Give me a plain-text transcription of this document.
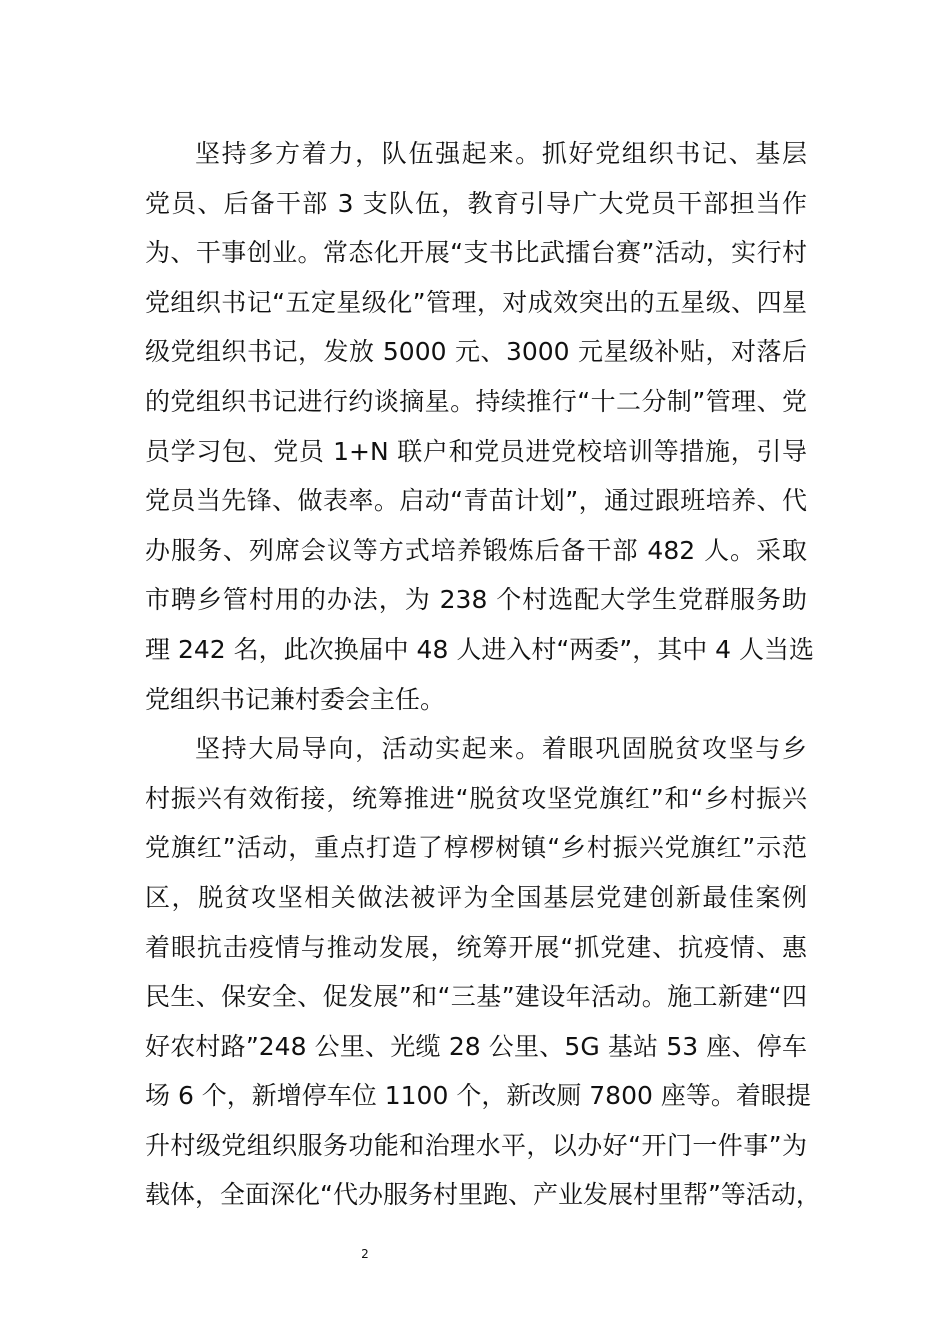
坚持多方着力，队伍强起来。抓好党组织书记、基层
党员、后备干部 3 支队伍，教育引导广大党员干部担当作
为、干事创业。常态化开展“支书比武擂台赛”活动，实行村
党组织书记“五定星级化”管理，对成效突出的五星级、四星
级党组织书记，发放 5000 元、3000 元星级补贴，对落后
的党组织书记进行约谈摘星。持续推行“十二分制”管理、党
员学习包、党员 1+N 联户和党员进党校培训等措施，引导
党员当先锋、做表率。启动“青苗计划”，通过跟班培养、代
办服务、列席会议等方式培养锻炼后备干部 482 人。采取
市聘乡管村用的办法，为 238 个村选配大学生党群服务助
理 242 名，此次换届中 48 人进入村“两委”，其中 4 人当选
党组织书记兼村委会主任。
坚持大局导向，活动实起来。着眼巩固脱贫攻坚与乡
村振兴有效衔接，统筹推进“脱贫攻坚党旗红”和“乡村振兴
党旗红”活动，重点打造了椁椤树镇“乡村振兴党旗红”示范
区，脱贫攻坚相关做法被评为全国基层党建创新最佳案例
着眼抗击疫情与推动发展，统筹开展“抓党建、抗疫情、惠
民生、保安全、促发展”和“三基”建设年活动。施工新建“四
好农村路”248 公里、光缆 28 公里、5G 基站 53 座、停车
场 6 个，新增停车位 1100 个，新改厕 7800 座等。着眼提
升村级党组织服务功能和治理水平，以办好“开门一件事”为
载体，全面深化“代办服务村里跑、产业发展村里帮”等活动，
2
